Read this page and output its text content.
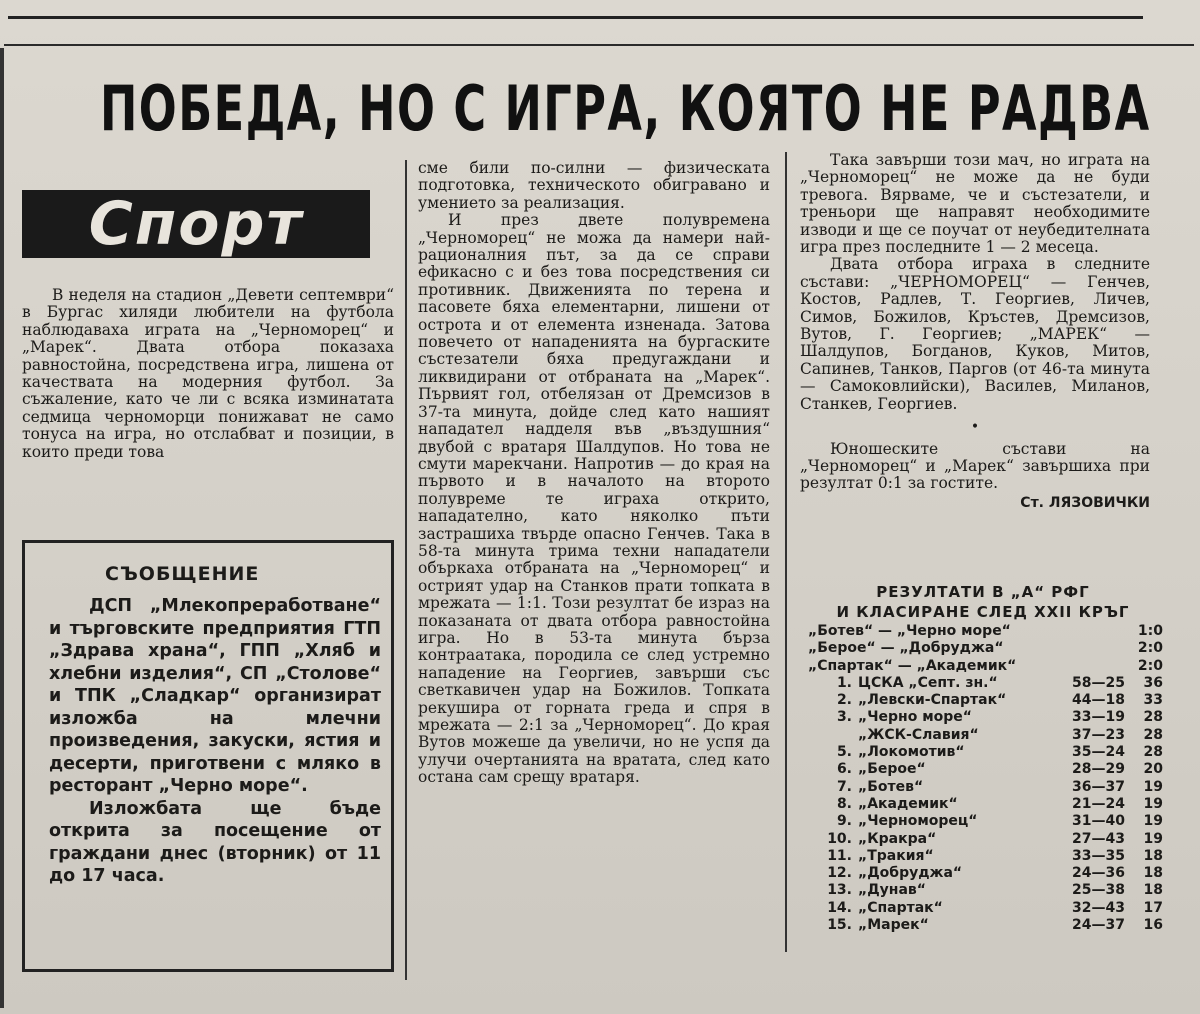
ПОБЕДА, НО С ИГРА, КОЯТО НЕ РАДВА
Спорт

В неделя на стадион „Девети септември“ в Бургас хиляди любители на футбола наблюдаваха играта на „Черноморец“ и „Марек“. Двата отбора показаха равностойна, посредствена игра, лишена от качествата на модерния футбол. За съжаление, като че ли с всяка изминатата седмица черноморци понижават не само тонуса на игра, но отслабват и позиции, в които преди това

СЪОБЩЕНИЕ

ДСП „Млекопреработване“ и търговските предприятия ГТП „Здрава храна“, ГПП „Хляб и хлебни изделия“, СП „Столове“ и ТПК „Сладкар“ организират изложба на млечни произведения, закуски, ястия и десерти, приготвени с мляко в ресторант „Черно море“.

Изложбата ще бъде открита за посещение от граждани днес (вторник) от 11 до 17 часа.

сме били по-силни — физическата подготовка, техническото обигравано и умението за реализация.

И през двете полувремена „Черноморец“ не можа да намери най-рационалния път, за да се справи ефикасно с и без това посредствения си противник. Движенията по терена и пасовете бяха елементарни, лишени от острота и от елемента изненада. Затова повечето от нападенията на бургаските състезатели бяха предугаждани и ликвидирани от отбраната на „Марек“. Първият гол, отбелязан от Дремсизов в 37-та минута, дойде след като нашият нападател надделя във „въздушния“ двубой с вратаря Шалдупов. Но това не смути марекчани. Напротив — до края на първото и в началото на второто полувреме те играха открито, нападателно, като няколко пъти застрашиха твърде опасно Генчев. Така в 58-та минута трима техни нападатели объркаха отбраната на „Черноморец“ и острият удар на Станков прати топката в мрежата — 1:1. Този резултат бе израз на показаната от двата отбора равностойна игра. Но в 53-та минута бърза контраатака, породила се след устремно нападение на Георгиев, завърши със светкавичен удар на Божилов. Топката рекушира от горната греда и спря в мрежата — 2:1 за „Черноморец“. До края Вутов можеше да увеличи, но не успя да улучи очертанията на вратата, след като остана сам срещу вратаря.

Така завърши този мач, но играта на „Черноморец“ не може да не буди тревога. Вярваме, че и състезатели, и треньори ще направят необходимите изводи и ще се поучат от неубедителната игра през последните 1 — 2 месеца.

Двата отбора играха в следните състави: „ЧЕРНОМОРЕЦ“ — Генчев, Костов, Радлев, Т. Георгиев, Личев, Симов, Божилов, Кръстев, Дремсизов, Вутов, Г. Георгиев; „МАРЕК“ — Шалдупов, Богданов, Куков, Митов, Сапинев, Танков, Паргов (от 46-та минута — Самоковлийски), Василев, Миланов, Станкев, Георгиев.

•

Юношеските състави на „Черноморец“ и „Марек“ завършиха при резултат 0:1 за гостите.

Ст. ЛЯЗОВИЧКИ
РЕЗУЛТАТИ В „А“ РФГ
И КЛАСИРАНЕ СЛЕД XXII КРЪГ
„Ботев“ — „Черно море“	1:0
„Берое“ — „Добруджа“	2:0
„Спартак“ — „Академик“	2:0
1. ЦСКА „Септ. зн.“	58—25	36
2. „Левски-Спартак“	44—18	33
3. „Черно море“	33—19	28
„ЖСК-Славия“	37—23	28
5. „Локомотив“	35—24	28
6. „Берое“	28—29	20
7. „Ботев“	36—37	19
8. „Академик“	21—24	19
9. „Черноморец“	31—40	19
10. „Кракра“	27—43	19
11. „Тракия“	33—35	18
12. „Добруджа“	24—36	18
13. „Дунав“	25—38	18
14. „Спартак“	32—43	17
15. „Марек“	24—37	16
